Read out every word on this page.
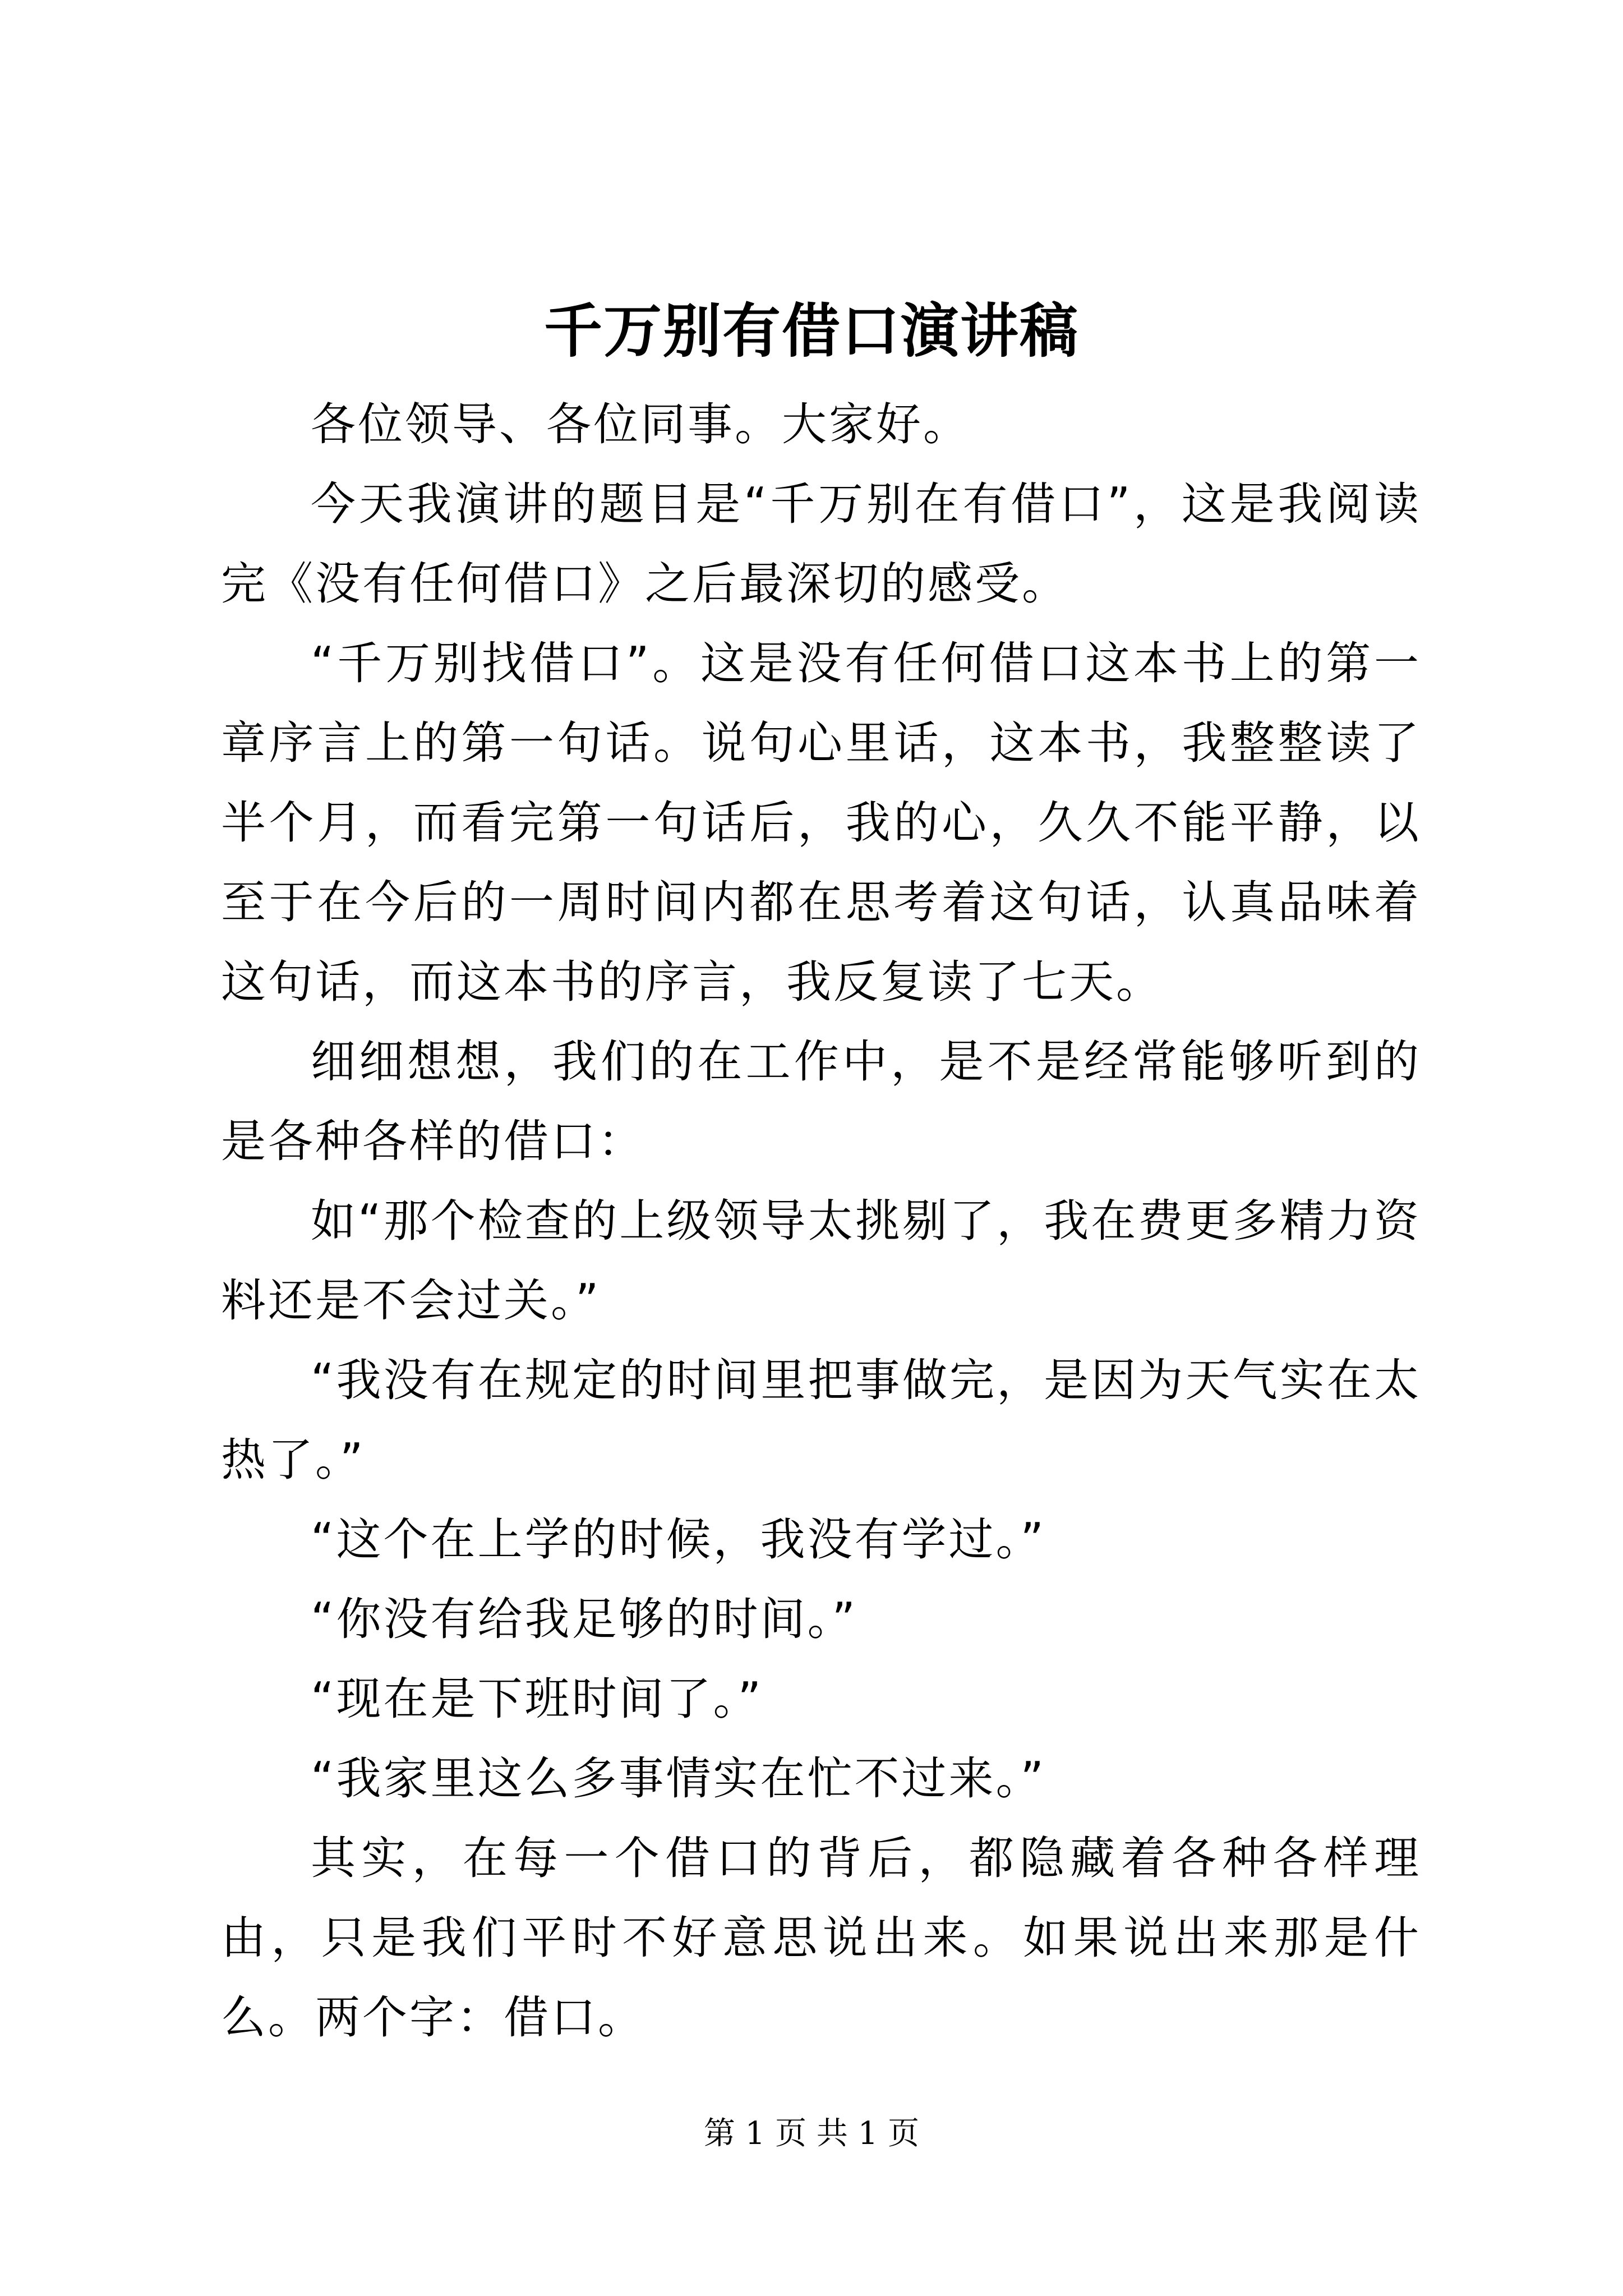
千万别有借口演讲稿

各位领导、各位同事。大家好。

今天我演讲的题目是“千万别在有借口”，这是我阅读完《没有任何借口》之后最深切的感受。

“千万别找借口”。这是没有任何借口这本书上的第一章序言上的第一句话。说句心里话，这本书，我整整读了半个月，而看完第一句话后，我的心，久久不能平静，以至于在今后的一周时间内都在思考着这句话，认真品味着这句话，而这本书的序言，我反复读了七天。

细细想想，我们的在工作中，是不是经常能够听到的是各种各样的借口：

如“那个检查的上级领导太挑剔了，我在费更多精力资料还是不会过关。”

“我没有在规定的时间里把事做完，是因为天气实在太热了。”

“这个在上学的时候，我没有学过。”

“你没有给我足够的时间。”

“现在是下班时间了。”

“我家里这么多事情实在忙不过来。”

其实，在每一个借口的背后，都隐藏着各种各样理由，只是我们平时不好意思说出来。如果说出来那是什么。两个字：借口。

第 1 页 共 1 页
